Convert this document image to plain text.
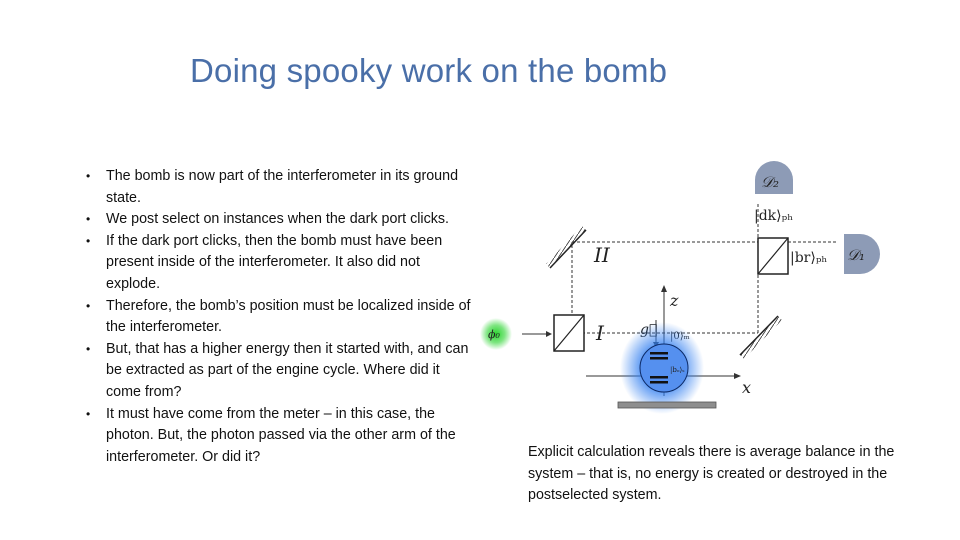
Doing spooky work on the bomb
• The bomb is now part of the interferometer in its ground state.
• We post select on instances when the dark port clicks.
• If the dark port clicks, then the bomb must have been present inside of the interferometer. It also did not explode.
• Therefore, the bomb’s position must be localized inside of the interferometer.
• But, that has a higher energy then it started with, and can be extracted as part of the engine cycle. Where did it come from?
• It must have come from the meter – in this case, the photon. But, the photon passed via the other arm of the interferometer. Or did it?
𝒟₂
𝒟₁
|dk⟩ₚₕ
|br⟩ₚₕ
II
I
ϕ₀
z
x
|bₒ⟩ₛ

Explicit calculation reveals there is average balance in the system – that is, no energy is created or destroyed in the postselected system.
